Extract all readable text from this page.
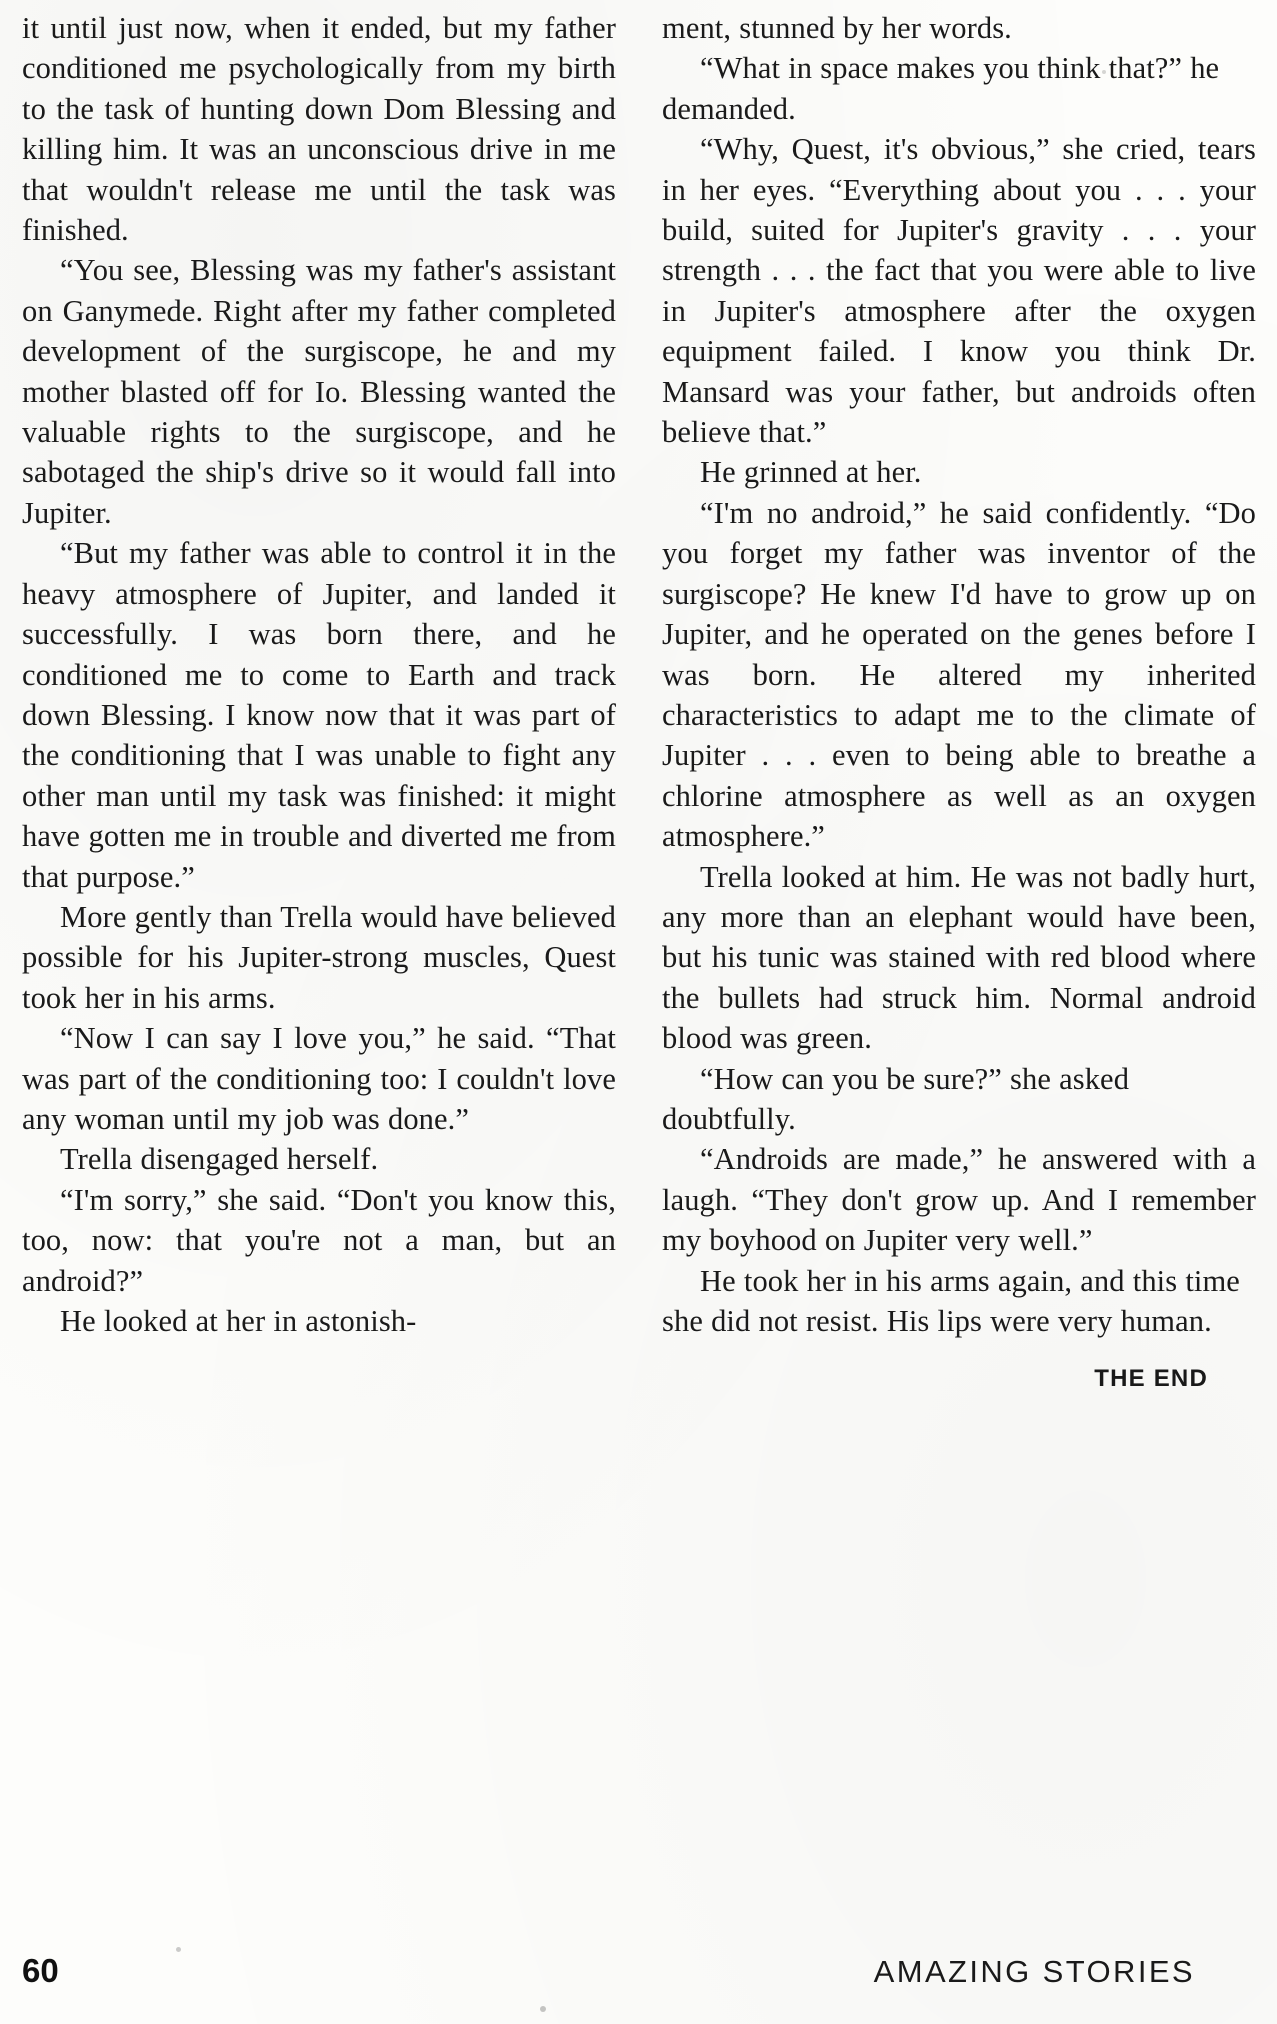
it until just now, when it ended, but my father conditioned me psychologically from my birth to the task of hunting down Dom Blessing and killing him. It was an unconscious drive in me that wouldn't release me until the task was finished.

“You see, Blessing was my father's assistant on Ganymede. Right after my father completed development of the surgiscope, he and my mother blasted off for Io. Blessing wanted the valuable rights to the surgiscope, and he sabotaged the ship's drive so it would fall into Jupiter.

“But my father was able to control it in the heavy atmosphere of Jupiter, and landed it successfully. I was born there, and he conditioned me to come to Earth and track down Blessing. I know now that it was part of the conditioning that I was unable to fight any other man until my task was finished: it might have gotten me in trouble and diverted me from that purpose.”

More gently than Trella would have believed possible for his Jupiter-strong muscles, Quest took her in his arms.

“Now I can say I love you,” he said. “That was part of the conditioning too: I couldn't love any woman until my job was done.”

Trella disengaged herself.

“I'm sorry,” she said. “Don't you know this, too, now: that you're not a man, but an android?”

He looked at her in astonish-

ment, stunned by her words.

“What in space makes you think that?” he demanded.

“Why, Quest, it's obvious,” she cried, tears in her eyes. “Everything about you . . . your build, suited for Jupiter's gravity . . . your strength . . . the fact that you were able to live in Jupiter's atmosphere after the oxygen equipment failed. I know you think Dr. Mansard was your father, but androids often believe that.”

He grinned at her.

“I'm no android,” he said confidently. “Do you forget my father was inventor of the surgiscope? He knew I'd have to grow up on Jupiter, and he operated on the genes before I was born. He altered my inherited characteristics to adapt me to the climate of Jupiter . . . even to being able to breathe a chlorine atmosphere as well as an oxygen atmosphere.”

Trella looked at him. He was not badly hurt, any more than an elephant would have been, but his tunic was stained with red blood where the bullets had struck him. Normal android blood was green.

“How can you be sure?” she asked doubtfully.

“Androids are made,” he answered with a laugh. “They don't grow up. And I remember my boyhood on Jupiter very well.”

He took her in his arms again, and this time she did not resist. His lips were very human.

THE END
60	AMAZING STORIES
